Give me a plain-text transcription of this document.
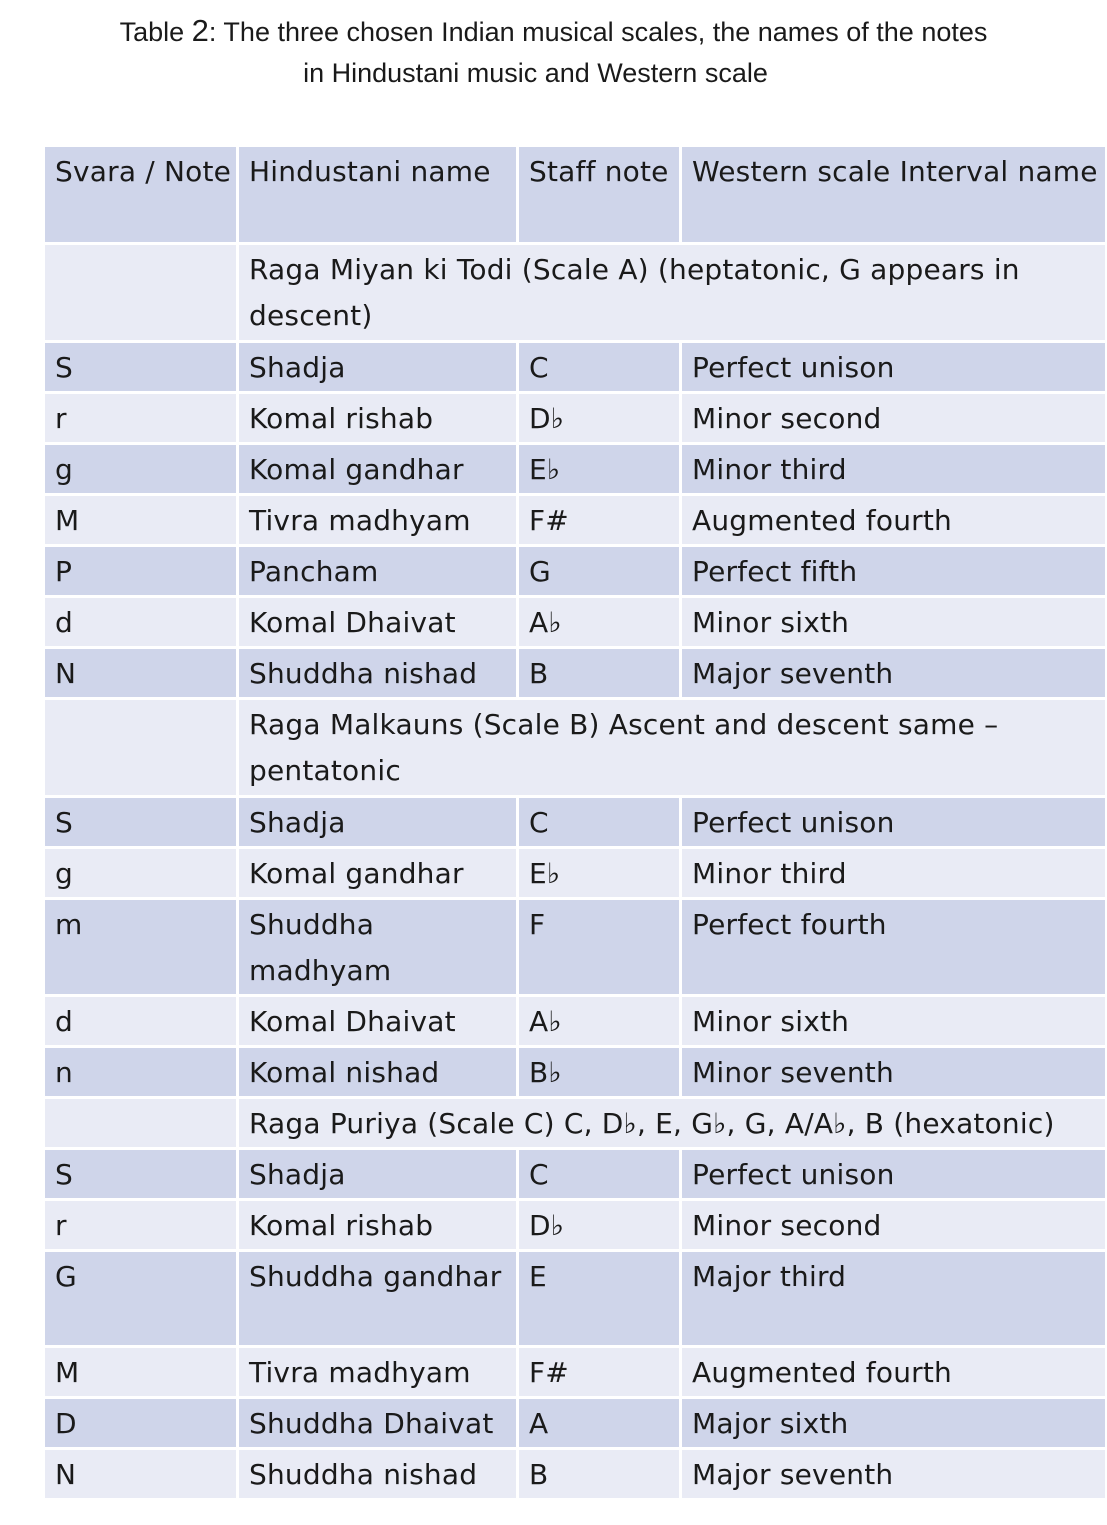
Table 2: The three chosen Indian musical scales, the names of the notes
in Hindustani music and Western scale
Svara / Note	Hindustani name	Staff note	Western scale Interval name
	Raga Miyan ki Todi (Scale A) (heptatonic, G appears in descent)		
S	Shadja	C	Perfect unison
r	Komal rishab	D♭	Minor second
g	Komal gandhar	E♭	Minor third
M	Tivra madhyam	F#	Augmented fourth
P	Pancham	G	Perfect fifth
d	Komal Dhaivat	A♭	Minor sixth
N	Shuddha nishad	B	Major seventh
	Raga Malkauns (Scale B) Ascent and descent same – pentatonic		
S	Shadja	C	Perfect unison
g	Komal gandhar	E♭	Minor third
m	Shuddha madhyam	F	Perfect fourth
d	Komal Dhaivat	A♭	Minor sixth
n	Komal nishad	B♭	Minor seventh
	Raga Puriya (Scale C) C, D♭, E, G♭, G, A/A♭, B (hexatonic)		
S	Shadja	C	Perfect unison
r	Komal rishab	D♭	Minor second
G	Shuddha gandhar	E	Major third
M	Tivra madhyam	F#	Augmented fourth
D	Shuddha Dhaivat	A	Major sixth
N	Shuddha nishad	B	Major seventh
